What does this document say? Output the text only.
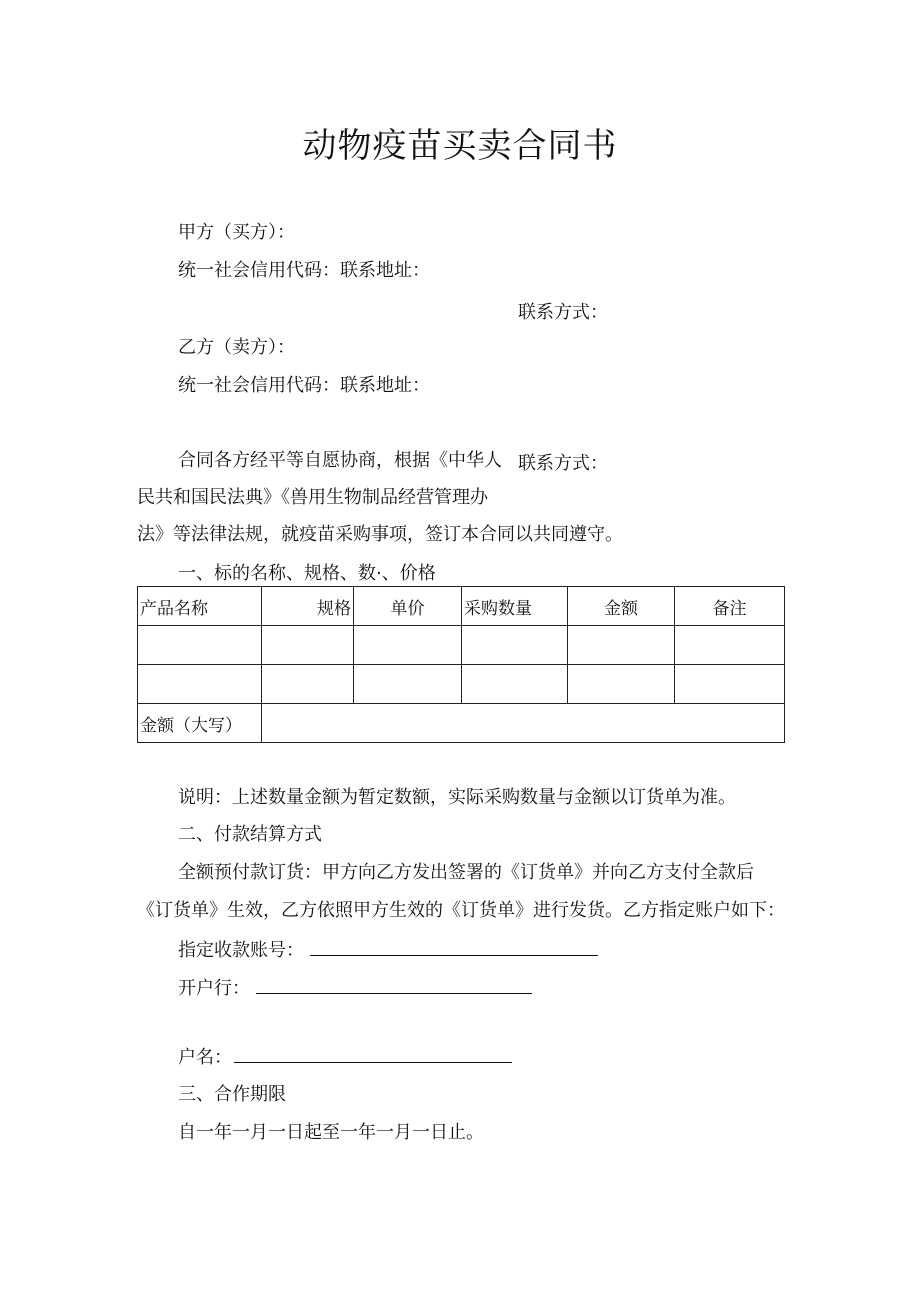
动物疫苗买卖合同书
甲方（买方）：
统一社会信用代码：联系地址：
联系方式：
乙方（卖方）：
统一社会信用代码：联系地址：
合同各方经平等自愿协商，根据《中华人 联系方式：
民共和国民法典》《兽用生物制品经营管理办
法》等法律法规，就疫苗采购事项，签订本合同以共同遵守。
一、标的名称、规格、数·、价格
产品名称	规格	单价	采购数量	金额	备注

金额（大写）					
说明：上述数量金额为暂定数额，实际采购数量与金额以订货单为准。
二、付款结算方式
全额预付款订货：甲方向乙方发出签署的《订货单》并向乙方支付全款后
《订货单》生效，乙方依照甲方生效的《订货单》进行发货。乙方指定账户如下：
指定收款账号：
开户行：
户名：
三、合作期限
自一年一月一日起至一年一月一日止。
